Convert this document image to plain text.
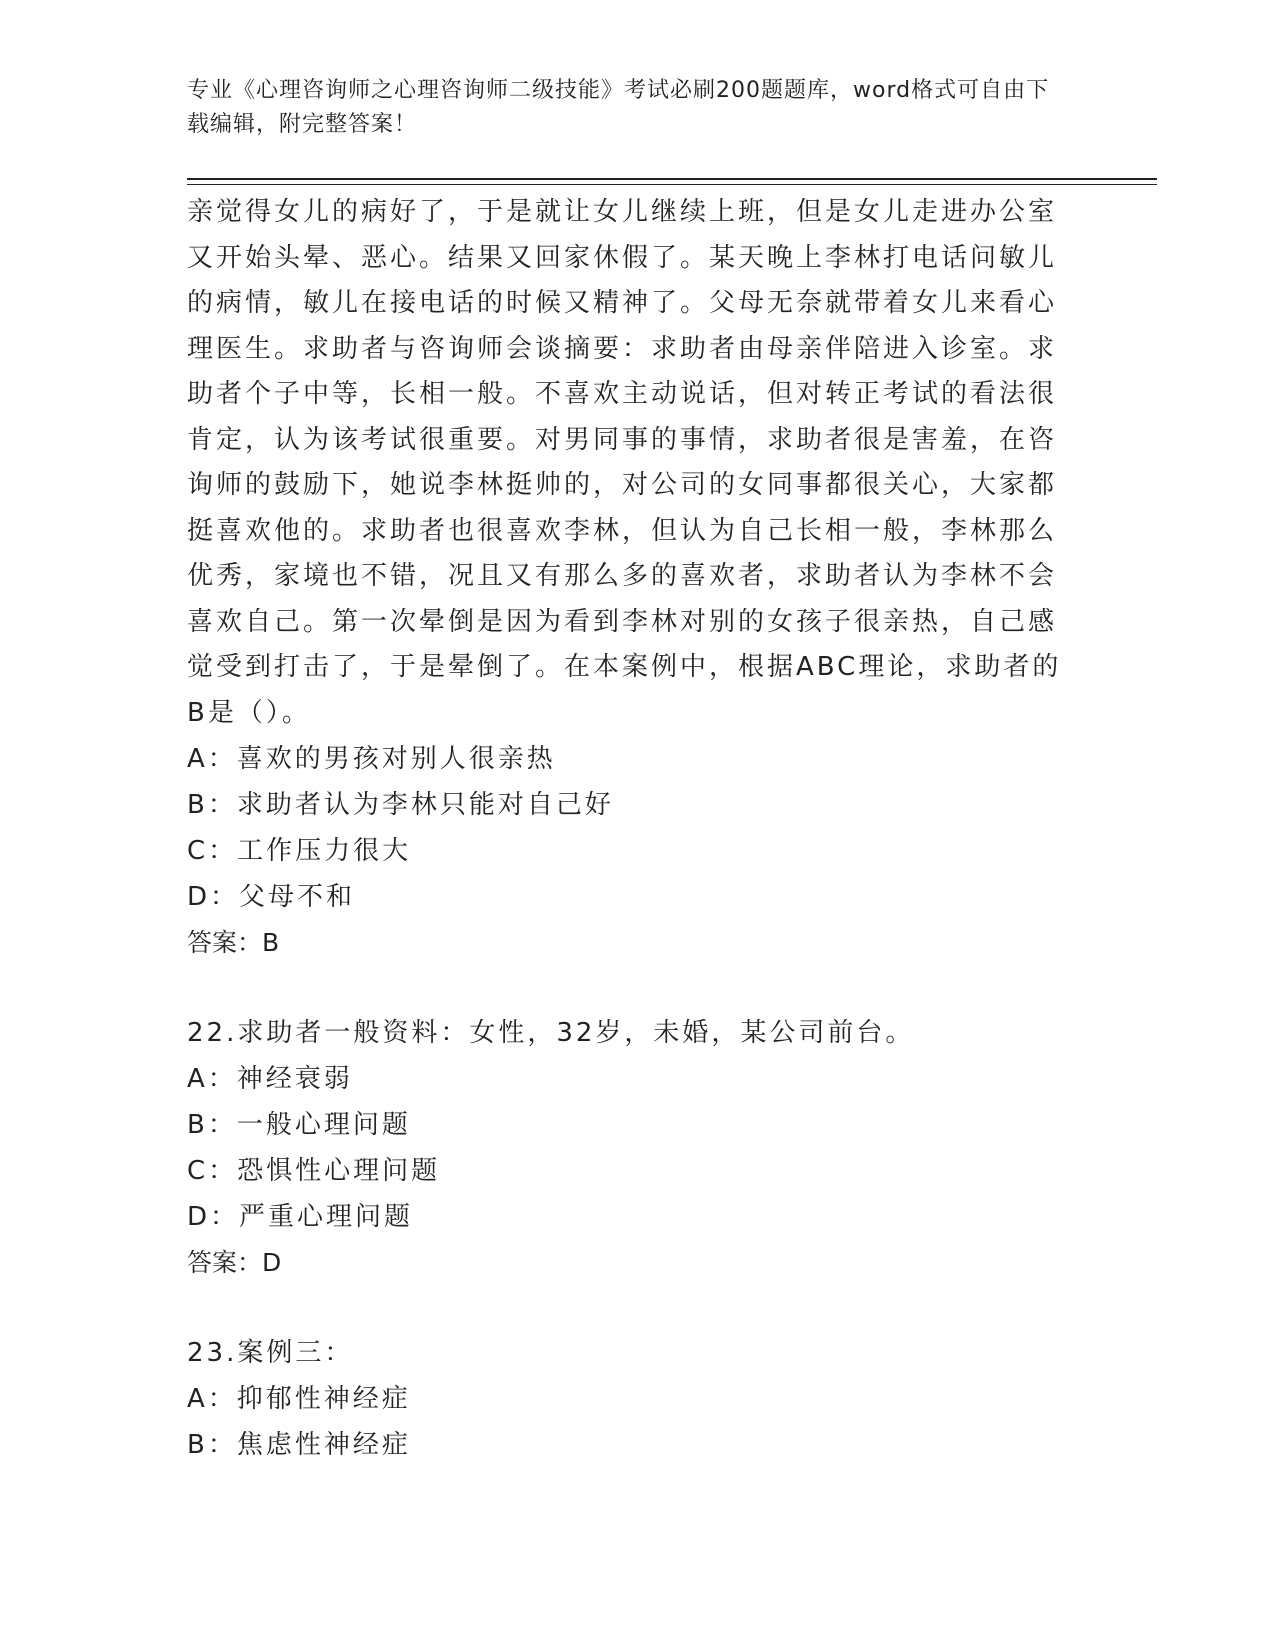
专业《心理咨询师之心理咨询师二级技能》考试必刷200题题库，word格式可自由下载编辑，附完整答案！

亲觉得女儿的病好了，于是就让女儿继续上班，但是女儿走进办公室又开始头晕、恶心。结果又回家休假了。某天晚上李林打电话问敏儿的病情，敏儿在接电话的时候又精神了。父母无奈就带着女儿来看心理医生。求助者与咨询师会谈摘要：求助者由母亲伴陪进入诊室。求助者个子中等，长相一般。不喜欢主动说话，但对转正考试的看法很肯定，认为该考试很重要。对男同事的事情，求助者很是害羞，在咨询师的鼓励下，她说李林挺帅的，对公司的女同事都很关心，大家都挺喜欢他的。求助者也很喜欢李林，但认为自己长相一般，李林那么优秀，家境也不错，况且又有那么多的喜欢者，求助者认为李林不会喜欢自己。第一次晕倒是因为看到李林对别的女孩子很亲热，自己感觉受到打击了，于是晕倒了。在本案例中，根据ABC理论，求助者的B是（）。

A：喜欢的男孩对别人很亲热

B：求助者认为李林只能对自己好

C：工作压力很大

D：父母不和

答案：B

22.求助者一般资料：女性，32岁，未婚，某公司前台。

A：神经衰弱

B：一般心理问题

C：恐惧性心理问题

D：严重心理问题

答案：D

23.案例三：

A：抑郁性神经症

B：焦虑性神经症
